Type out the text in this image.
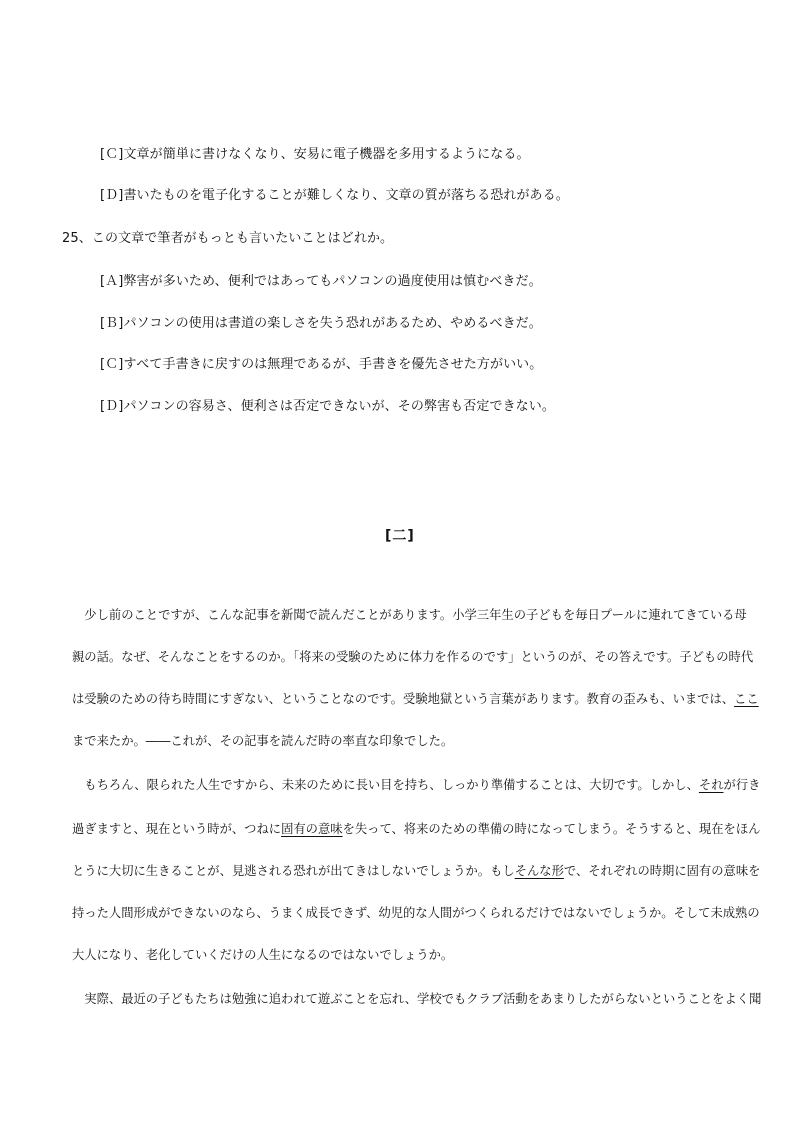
[Ｃ]文章が簡単に書けなくなり、安易に電子機器を多用するようになる。
[Ｄ]書いたものを電子化することが難しくなり、文章の質が落ちる恐れがある。
25、この文章で筆者がもっとも言いたいことはどれか。
[Ａ]弊害が多いため、便利ではあってもパソコンの過度使用は慎むべきだ。
[Ｂ]パソコンの使用は書道の楽しさを失う恐れがあるため、やめるべきだ。
[Ｃ]すべて手書きに戻すのは無理であるが、手書きを優先させた方がいい。
[Ｄ]パソコンの容易さ、便利さは否定できないが、その弊害も否定できない。
[二]
　少し前のことですが、こんな記事を新聞で読んだことがあります。小学三年生の子どもを毎日プールに連れてきている母
親の話。なぜ、そんなことをするのか。「将来の受験のために体力を作るのです」というのが、その答えです。子どもの時代
は受験のための待ち時間にすぎない、ということなのです。受験地獄という言葉があります。教育の歪みも、いまでは、ここ
まで来たか。――これが、その記事を読んだ時の率直な印象でした。
　もちろん、限られた人生ですから、未来のために長い目を持ち、しっかり準備することは、大切です。しかし、それが行き
過ぎますと、現在という時が、つねに固有の意味を失って、将来のための準備の時になってしまう。そうすると、現在をほん
とうに大切に生きることが、見逃される恐れが出てきはしないでしょうか。もしそんな形で、それぞれの時期に固有の意味を
持った人間形成ができないのなら、うまく成長できず、幼児的な人間がつくられるだけではないでしょうか。そして未成熟の
大人になり、老化していくだけの人生になるのではないでしょうか。
　実際、最近の子どもたちは勉強に追われて遊ぶことを忘れ、学校でもクラブ活動をあまりしたがらないということをよく聞
